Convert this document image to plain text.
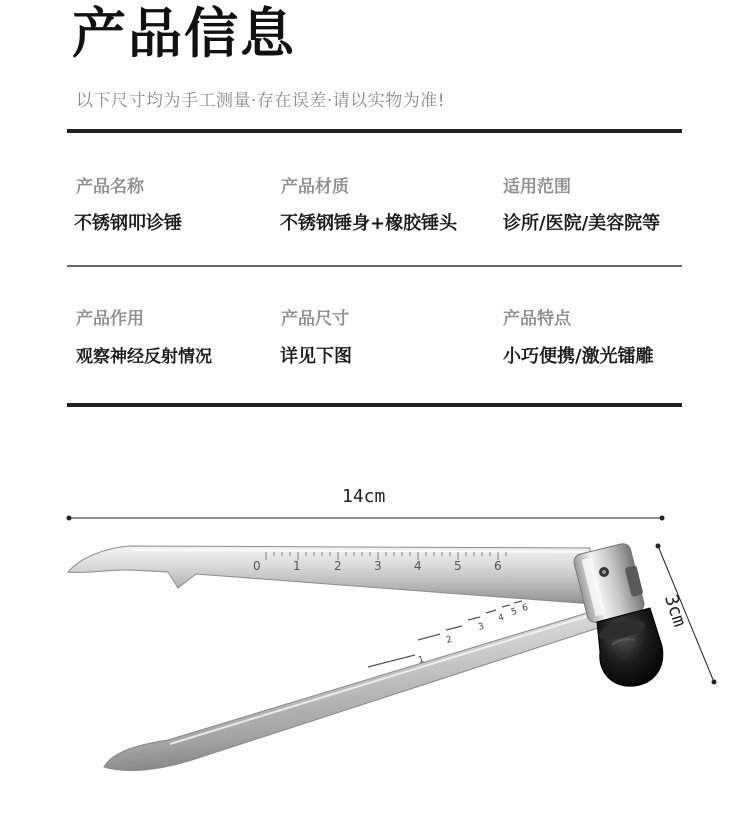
产品信息
以下尺寸均为手工测量·存在误差·请以实物为准!
产品名称
不锈钢叩诊锤
产品材质
不锈钢锤身+橡胶锤头
适用范围
诊所/医院/美容院等
产品作用
观察神经反射情况
产品尺寸
详见下图
产品特点
小巧便携/激光镭雕
14cm
3cm
1
2
3
4
5 6
0	1	2	3	4	5	6
